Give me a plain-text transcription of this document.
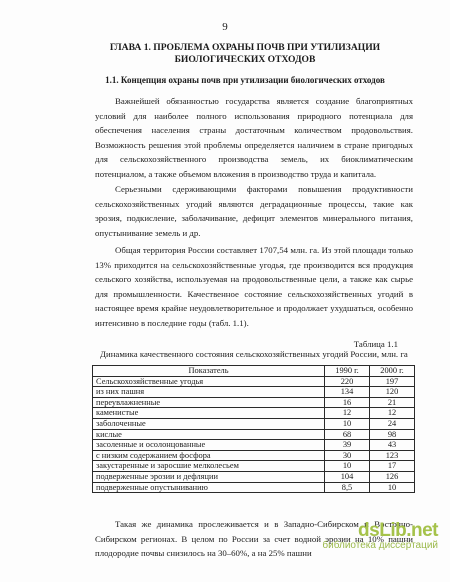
9
ГЛАВА 1. ПРОБЛЕМА ОХРАНЫ ПОЧВ ПРИ УТИЛИЗАЦИИ БИОЛОГИЧЕСКИХ ОТХОДОВ
1.1. Концепция охраны почв при утилизации биологических отходов

Важнейшей обязанностью государства является создание благоприятных условий для наиболее полного использования природного потенциала для обеспечения населения страны достаточным количеством продовольствия. Возможность решения этой проблемы определяется наличием в стране пригодных для сельскохозяйственного производства земель, их биоклиматическим потенциалом, а также объемом вложения в производство труда и капитала.

Серьезными сдерживающими факторами повышения продуктивности сельскохозяйственных угодий являются деградационные процессы, такие как эрозия, подкисление, заболачивание, дефицит элементов минерального питания, опустынивание земель и др.

Общая территория России составляет 1707,54 млн. га. Из этой площади только 13% приходится на сельскохозяйственные угодья, где производится вся продукция сельского хозяйства, используемая на продовольственные цели, а также как сырье для промышленности. Качественное состояние сельскохозяйственных угодий в настоящее время крайне неудовлетворительное и продолжает ухудшаться, особенно интенсивно в последние годы (табл. 1.1).

Таблица 1.1
Динамика качественного состояния сельскохозяйственных угодий России, млн. га
Показатель	1990 г.	2000 г.
Сельскохозяйственные угодья	220	197
из них пашня	134	120
переувлажненные	16	21
каменистые	12	12
заболоченные	10	24
кислые	68	98
засоленные и осолонцованные	39	43
с низким содержанием фосфора	30	123
закустаренные и заросшие мелколесьем	10	17
подверженные эрозии и дефляции	104	126
подверженные опустыниванию	8,5	10

Такая же динамика прослеживается и в Западно-Сибирском и Восточно-Сибирском регионах. В целом по России за счет водной эрозии на 10% пашни плодородие почвы снизилось на 30–60%, а на 25% пашни

dsLib.net
библиотека диссертаций
